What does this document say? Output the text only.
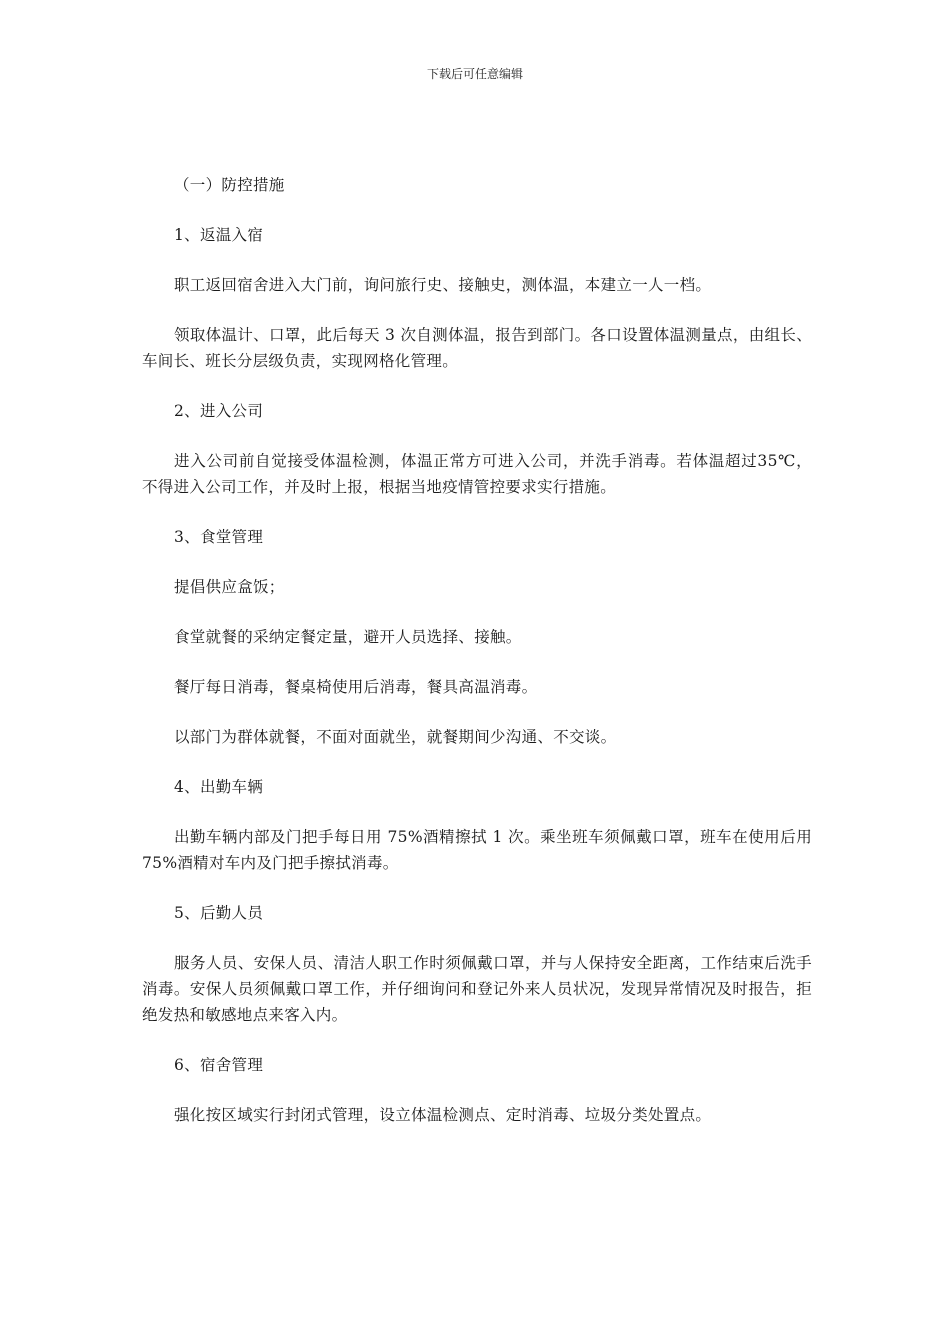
下载后可任意编辑

（一）防控措施

1、返温入宿

职工返回宿舍进入大门前，询问旅行史、接触史，测体温，本建立一人一档。

领取体温计、口罩，此后每天 3 次自测体温，报告到部门。各口设置体温测量点，由组长、车间长、班长分层级负责，实现网格化管理。

2、进入公司

进入公司前自觉接受体温检测，体温正常方可进入公司，并洗手消毒。若体温超过35℃，不得进入公司工作，并及时上报，根据当地疫情管控要求实行措施。

3、食堂管理

提倡供应盒饭；

食堂就餐的采纳定餐定量，避开人员选择、接触。

餐厅每日消毒，餐桌椅使用后消毒，餐具高温消毒。

以部门为群体就餐，不面对面就坐，就餐期间少沟通、不交谈。

4、出勤车辆

出勤车辆内部及门把手每日用 75%酒精擦拭 1 次。乘坐班车须佩戴口罩，班车在使用后用 75%酒精对车内及门把手擦拭消毒。

5、后勤人员

服务人员、安保人员、清洁人职工作时须佩戴口罩，并与人保持安全距离，工作结束后洗手消毒。安保人员须佩戴口罩工作，并仔细询问和登记外来人员状况，发现异常情况及时报告，拒绝发热和敏感地点来客入内。

6、宿舍管理

强化按区域实行封闭式管理，设立体温检测点、定时消毒、垃圾分类处置点。
